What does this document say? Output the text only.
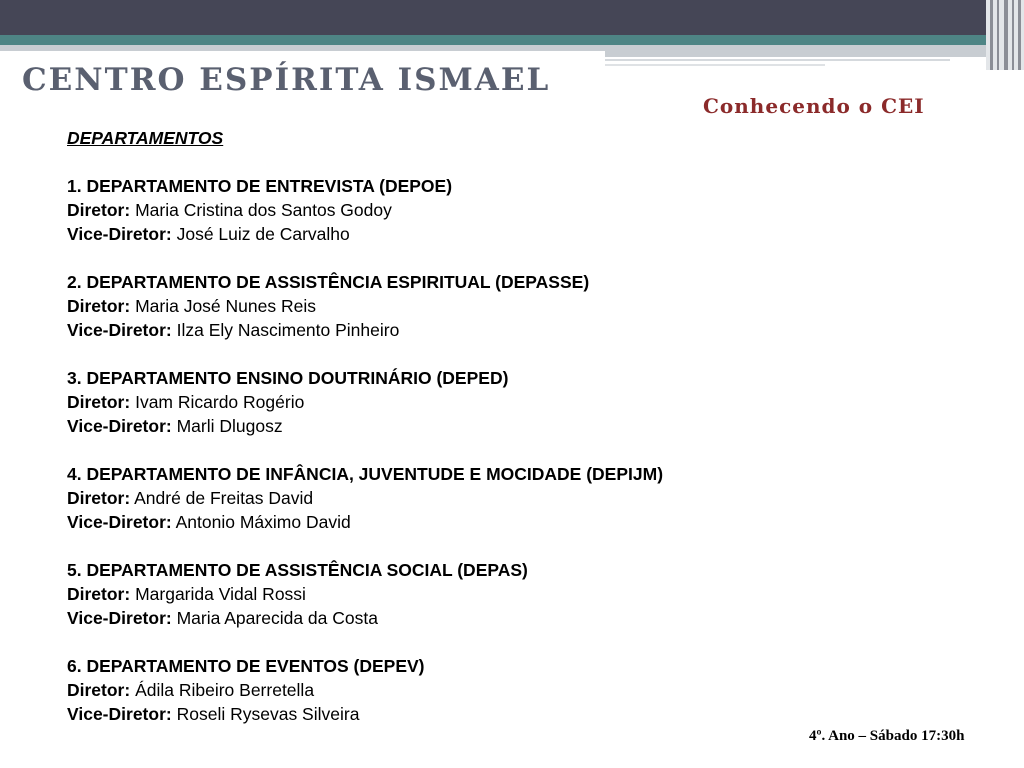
CENTRO ESPÍRITA ISMAEL
Conhecendo o CEI
DEPARTAMENTOS
1. DEPARTAMENTO DE ENTREVISTA (DEPOE)
Diretor: Maria Cristina dos Santos Godoy
Vice-Diretor: José Luiz de Carvalho
2. DEPARTAMENTO DE ASSISTÊNCIA ESPIRITUAL (DEPASSE)
Diretor: Maria José Nunes Reis
Vice-Diretor: Ilza Ely Nascimento Pinheiro
3. DEPARTAMENTO ENSINO DOUTRINÁRIO (DEPED)
Diretor: Ivam Ricardo Rogério
Vice-Diretor: Marli Dlugosz
4. DEPARTAMENTO DE INFÂNCIA, JUVENTUDE E MOCIDADE (DEPIJM)
Diretor: André de Freitas David
Vice-Diretor: Antonio Máximo David
5. DEPARTAMENTO DE ASSISTÊNCIA SOCIAL (DEPAS)
Diretor: Margarida Vidal Rossi
Vice-Diretor: Maria Aparecida da Costa
6. DEPARTAMENTO DE EVENTOS (DEPEV)
Diretor: Ádila Ribeiro Berretella
Vice-Diretor: Roseli Rysevas Silveira
4º. Ano – Sábado 17:30h
